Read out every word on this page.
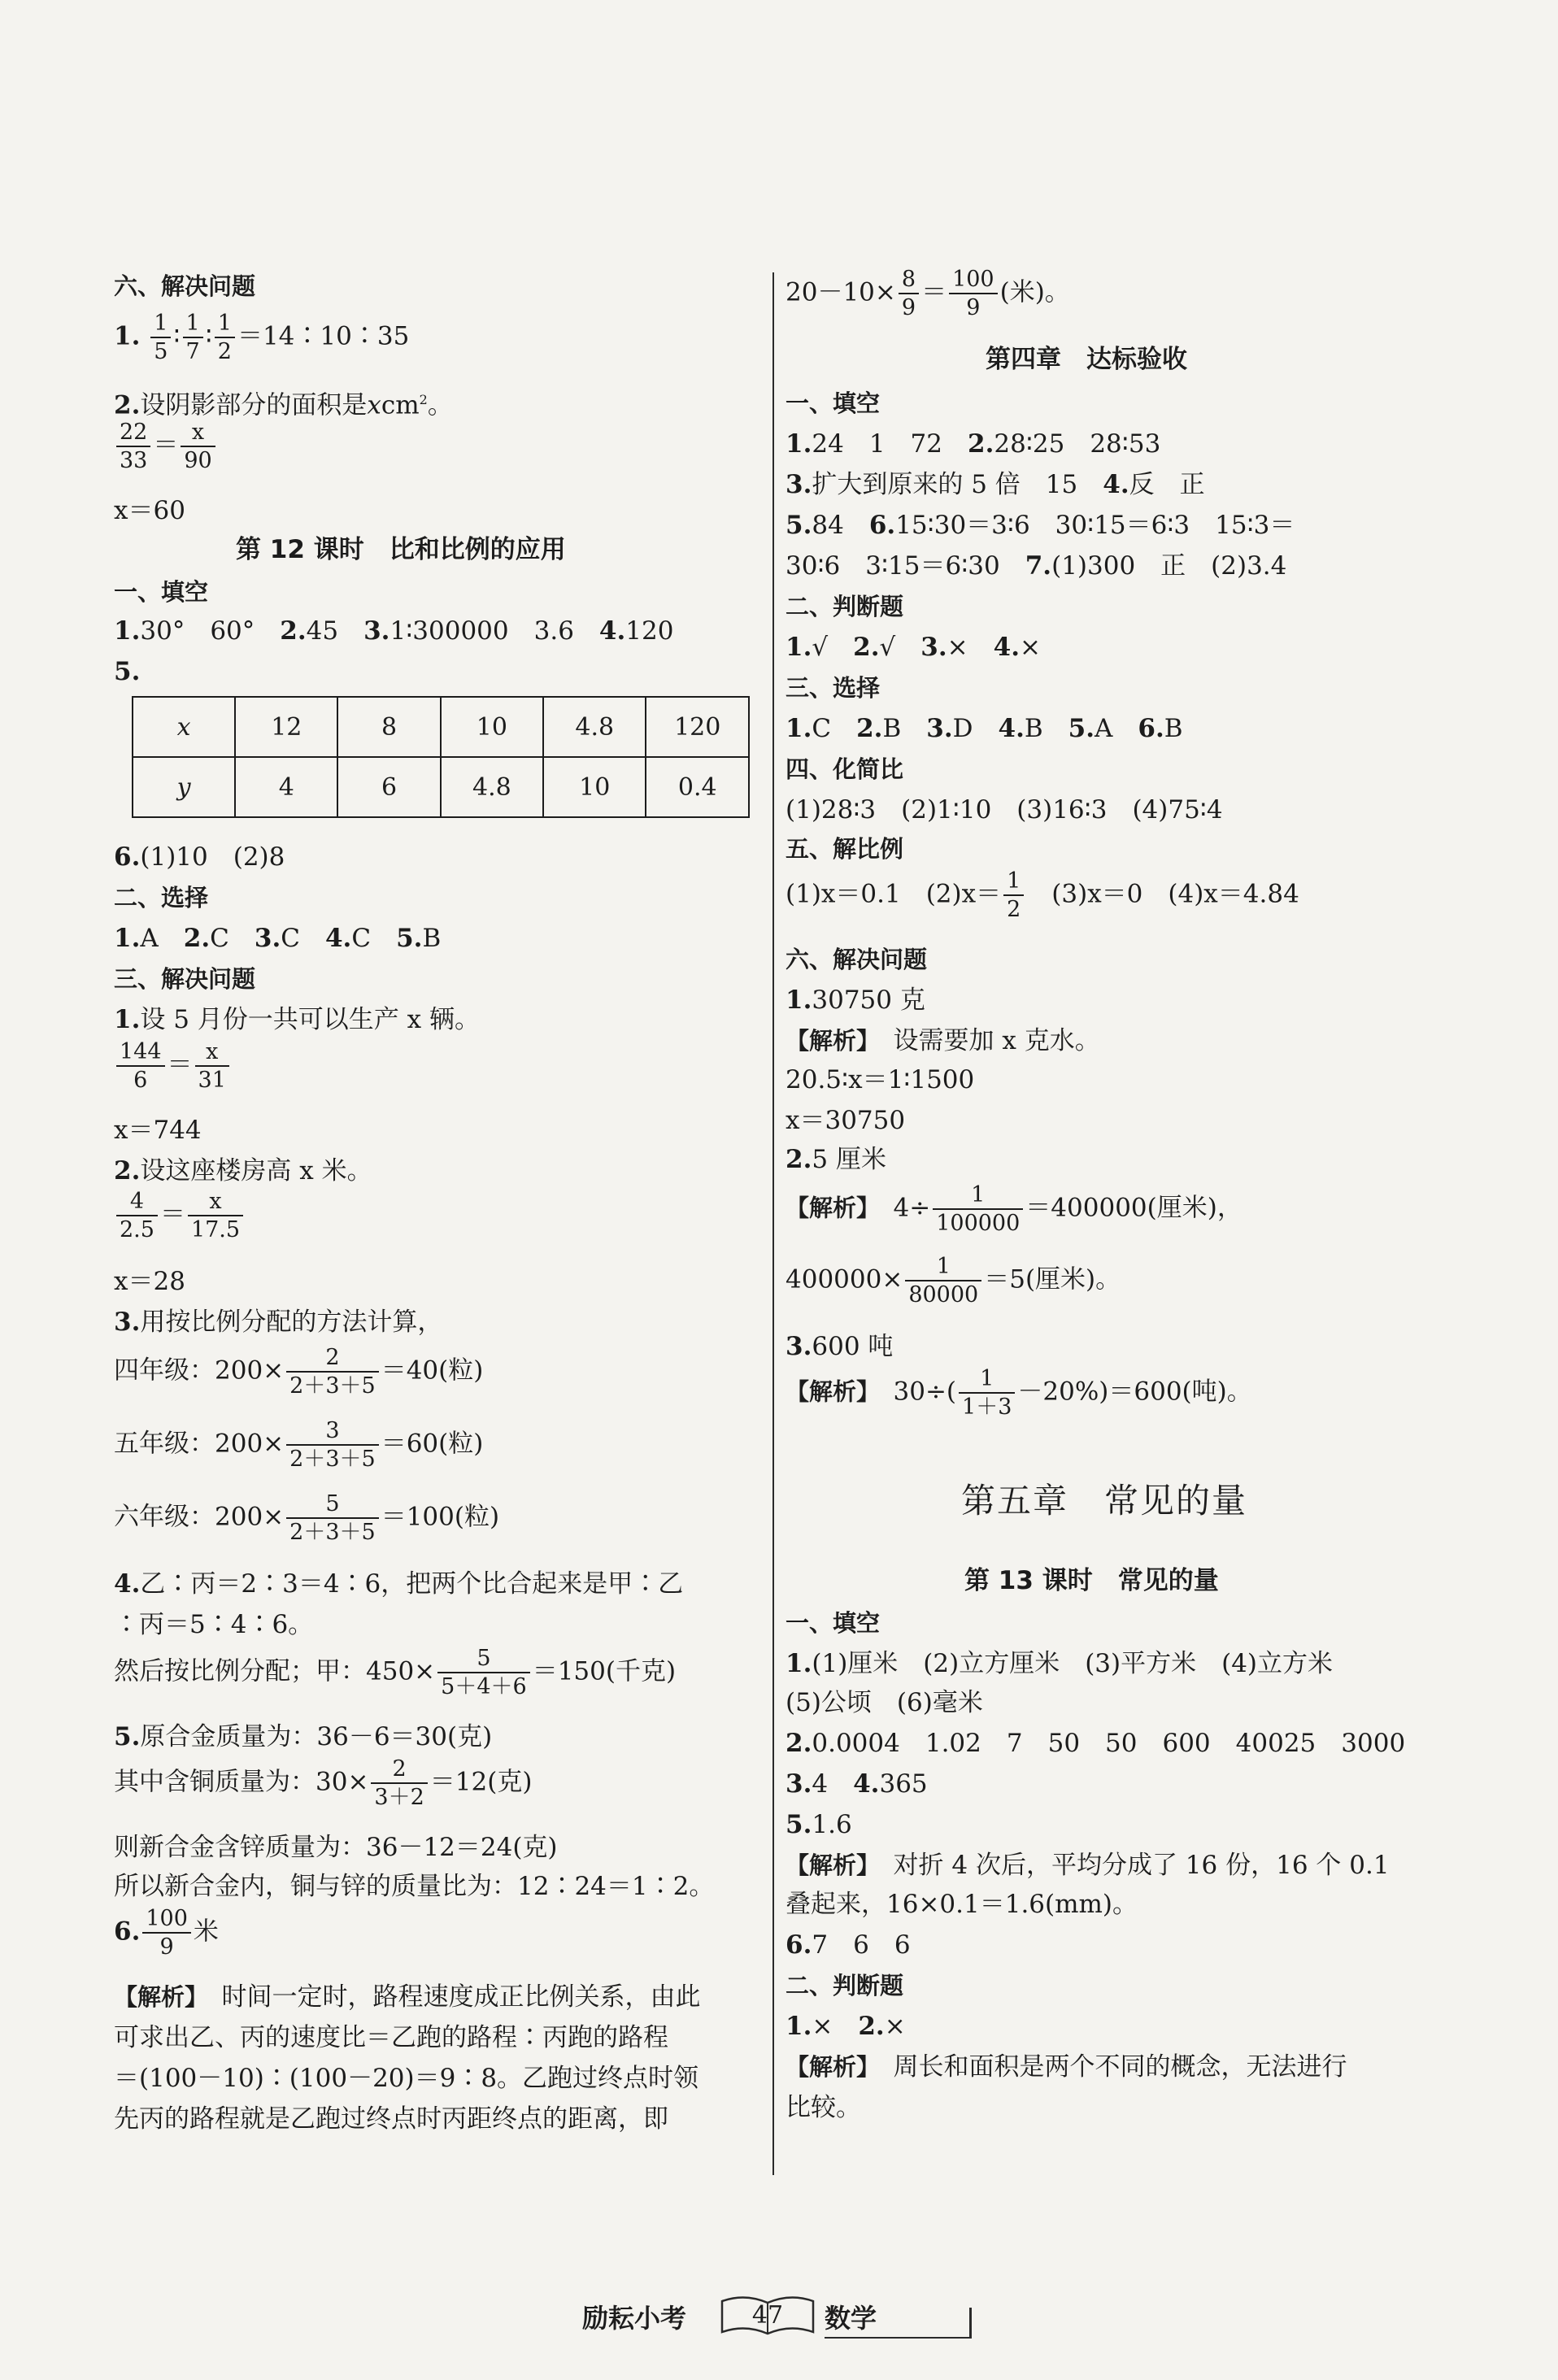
六、解决问题
1. $\frac{1}{5}$ ∶ $\frac{1}{7}$ ∶ $\frac{1}{2}$ ＝14∶10∶35
2.设阴影部分的面积是xcm$^2$。
$\frac{22}{33} = \frac{x}{90}$
x＝60
第 12 课时　比和比例的应用
一、填空
1.30°　60°　2.45　3.1∶300000　3.6　4.120
5.
x	12	8	10	4.8	120
y	4	6	4.8	10	0.4
6.(1)10　(2)8
二、选择
1.A　2.C　3.C　4.C　5.B
三、解决问题
1.设 5 月份一共可以生产 x 辆。
$\frac{144}{6} = \frac{x}{31}$
x＝744
2.设这座楼房高 x 米。
$\frac{4}{2.5} = \frac{x}{17.5}$
x＝28
3.用按比例分配的方法计算，
四年级：$200\times \frac{2}{2+3+5} =40$(粒)
五年级：$200\times \frac{3}{2+3+5} =60$(粒)
六年级：$200\times \frac{5}{2+3+5} =100$(粒)
4.乙∶丙＝2∶3＝4∶6，把两个比合起来是甲∶乙
∶丙＝5∶4∶6。
然后按比例分配；甲：$450\times \frac{5}{5+4+6} =150$(千克)
5.原合金质量为：36－6＝30(克)
其中含铜质量为：$30\times \frac{2}{3+2} =12$(克)
则新合金含锌质量为：36－12＝24(克)
所以新合金内，铜与锌的质量比为：12∶24＝1∶2。
6. $\frac{100}{9}$ 米
【解析】　时间一定时，路程速度成正比例关系，由此
可求出乙、丙的速度比＝乙跑的路程∶丙跑的路程
＝(100－10)∶(100－20)＝9∶8。乙跑过终点时领
先丙的路程就是乙跑过终点时丙距终点的距离，即
$20-10\times \frac{8}{9} = \frac{100}{9}$ (米)。
第四章　达标验收
一、填空
1.24　1　72　2.28∶25　28∶53
3.扩大到原来的 5 倍　15　4.反　正
5.84　6.15∶30＝3∶6　30∶15＝6∶3　15∶3＝
30∶6　3∶15＝6∶30　7.(1)300　正　(2)3.4
二、判断题
1.√　2.√　3.×　4.×
三、选择
1.C　2.B　3.D　4.B　5.A　6.B
四、化简比
(1)28∶3　(2)1∶10　(3)16∶3　(4)75∶4
五、解比例
(1)x＝0.1　$(2)x= \frac{1}{2}$ 　(3)x＝0　(4)x＝4.84
六、解决问题
1.30750 克
【解析】　设需要加 x 克水。
20.5∶x＝1∶1500
x＝30750
2.5 厘米
【解析】　$4\div \frac{1}{100000} =400000$(厘米)，
$400000\times \frac{1}{80000} =5$(厘米)。
3.600 吨
【解析】　$30\div( \frac{1}{1+3} -20\%)=600$(吨)。
第五章　常见的量
第 13 课时　常见的量
一、填空
1.(1)厘米　(2)立方厘米　(3)平方米　(4)立方米
(5)公顷　(6)毫米
2.0.0004　1.02　7　50　50　600　40025　3000
3.4　4.365
5.1.6
【解析】　对折 4 次后，平均分成了 16 份，16 个 0.1
叠起来，16×0.1＝1.6(mm)。
6.7　6　6
二、判断题
1.×　2.×
【解析】　周长和面积是两个不同的概念，无法进行
比较。
励耘小考	47	数学
